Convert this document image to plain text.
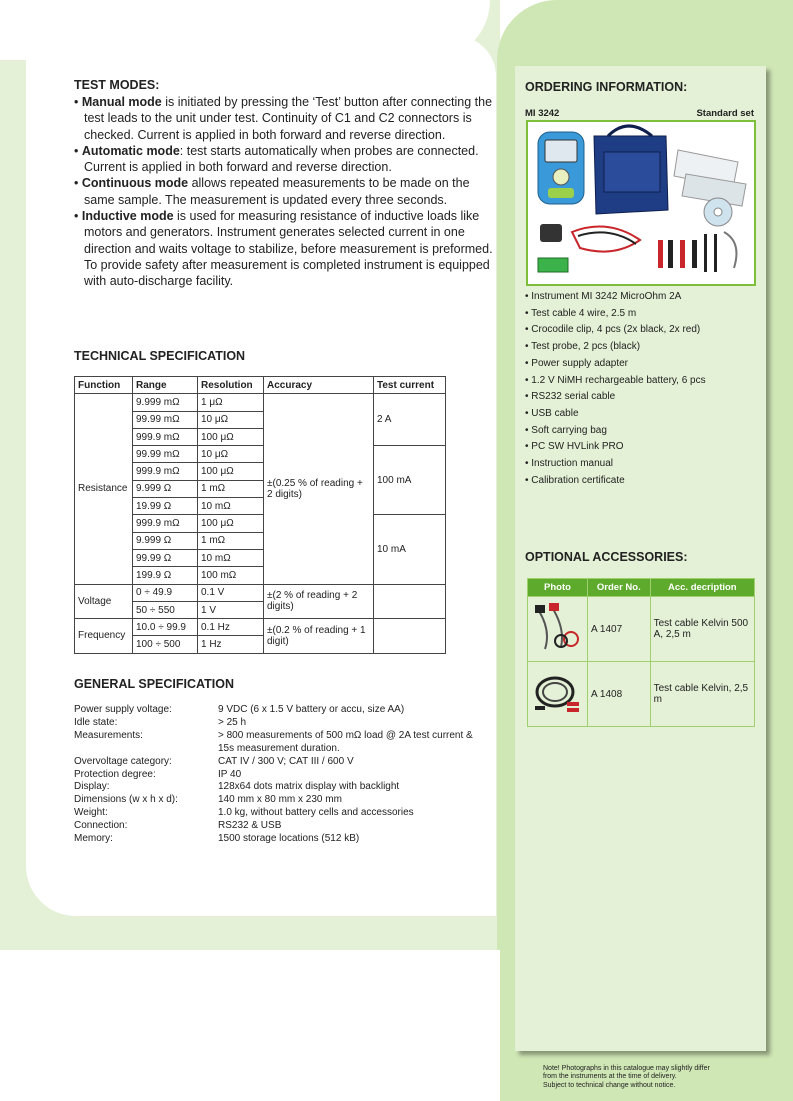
TEST MODES:
• Manual mode is initiated by pressing the ‘Test’ button after connecting the test leads to the unit under test. Continuity of C1 and C2 connectors is checked. Current is applied in both forward and reverse direction.
• Automatic mode: test starts automatically when probes are connected. Current is applied in both forward and reverse direction.
• Continuous mode allows repeated measurements to be made on the same sample. The measurement is updated every three seconds.
• Inductive mode is used for measuring resistance of inductive loads like motors and generators. Instrument generates selected current in one direction and waits voltage to stabilize, before measurement is preformed. To provide safety after measurement is completed instrument is equipped with auto-discharge facility.
TECHNICAL SPECIFICATION
Function	Range	Resolution	Accuracy	Test current
Resistance	9.999 mΩ	1 μΩ	±(0.25 % of reading + 2 digits)	2 A
	99.99 mΩ	10 μΩ		
	999.9 mΩ	100 μΩ		
	99.99 mΩ	10 μΩ		100 mA
	999.9 mΩ	100 μΩ		
	9.999 Ω	1 mΩ		
	19.99 Ω	10 mΩ		
	999.9 mΩ	100 μΩ		10 mA
	9.999 Ω	1 mΩ		
	99.99 Ω	10 mΩ		
	199.9 Ω	100 mΩ		
Voltage	0 ÷ 49.9	0.1 V	±(2 % of reading + 2 digits)	
	50 ÷ 550	1 V		
Frequency	10.0 ÷ 99.9	0.1 Hz	±(0.2 % of reading + 1 digit)	
	100 ÷ 500	1 Hz		
GENERAL SPECIFICATION
Power supply voltage:	9 VDC (6 x 1.5 V battery or accu, size AA)
Idle state:	> 25 h
Measurements:	> 800 measurements of 500 mΩ load @ 2A test current & 15s measurement duration.
Overvoltage category:	CAT IV / 300 V; CAT III / 600 V
Protection degree:	IP 40
Display:	128x64 dots matrix display with backlight
Dimensions (w x h x d):	140 mm x 80 mm x 230 mm
Weight:	1.0 kg, without battery cells and accessories
Connection:	RS232 & USB
Memory:	1500 storage locations (512 kB)
ORDERING INFORMATION:
MI 3242	Standard set
• Instrument MI 3242 MicroOhm 2A
• Test cable 4 wire, 2.5 m
• Crocodile clip, 4 pcs (2x black, 2x red)
• Test probe, 2 pcs (black)
• Power supply adapter
• 1.2 V NiMH rechargeable battery, 6 pcs
• RS232 serial cable
• USB cable
• Soft carrying bag
• PC SW HVLink PRO
• Instruction manual
• Calibration certificate
OPTIONAL ACCESSORIES:
Photo	Order No.	Acc. decription

	A 1407	Test cable Kelvin 500 A, 2,5 m

	A 1408	Test cable Kelvin, 2,5 m
Note! Photographs in this catalogue may slightly differ
from the instruments at the time of delivery.
Subject to technical change without notice.
